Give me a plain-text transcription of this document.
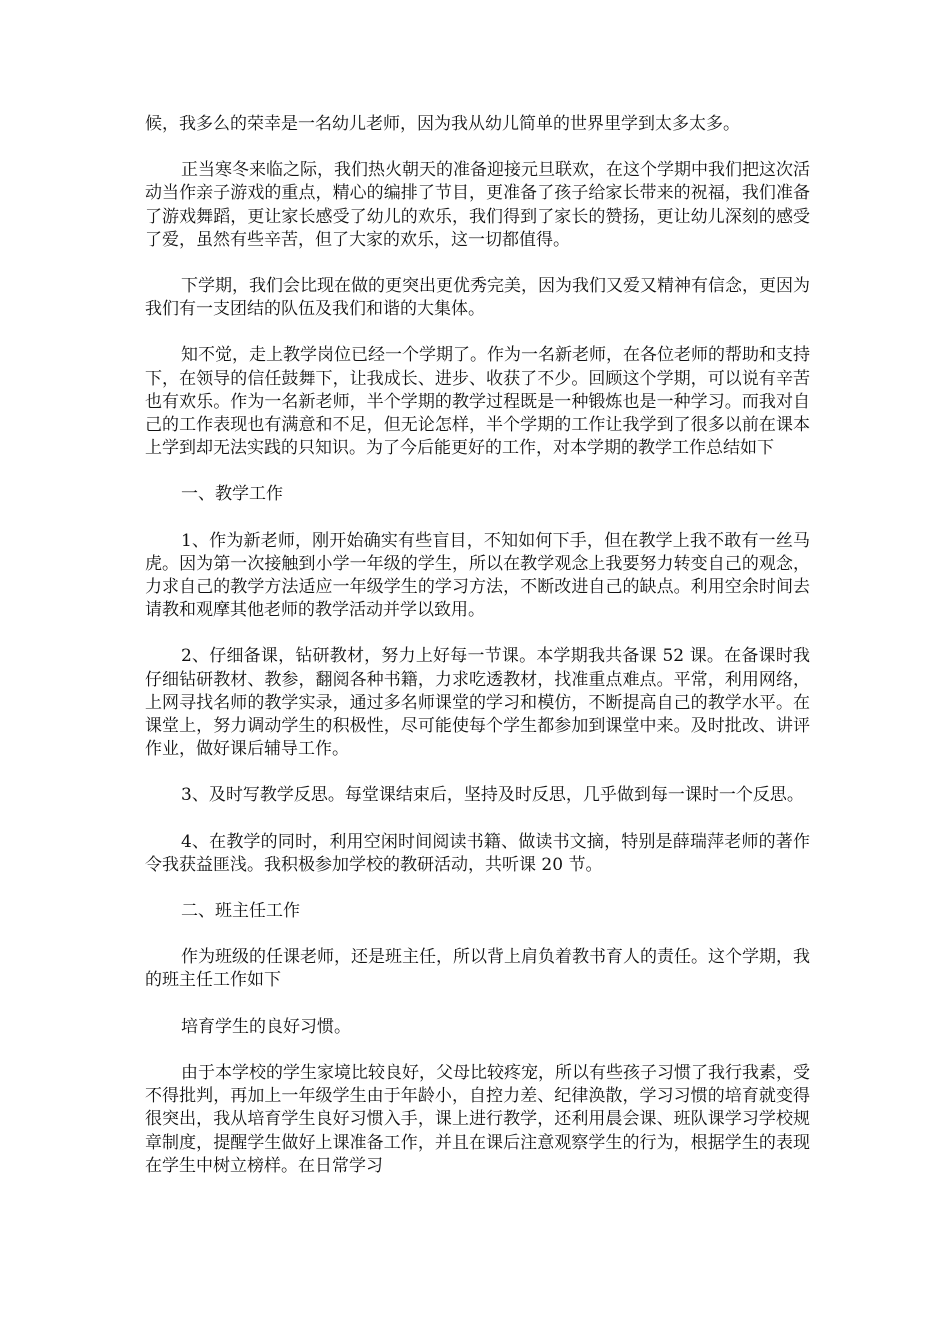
候，我多么的荣幸是一名幼儿老师，因为我从幼儿简单的世界里学到太多太多。

正当寒冬来临之际，我们热火朝天的准备迎接元旦联欢，在这个学期中我们把这次活动当作亲子游戏的重点，精心的编排了节目，更准备了孩子给家长带来的祝福，我们准备了游戏舞蹈，更让家长感受了幼儿的欢乐，我们得到了家长的赞扬，更让幼儿深刻的感受了爱，虽然有些辛苦，但了大家的欢乐，这一切都值得。

下学期，我们会比现在做的更突出更优秀完美，因为我们又爱又精神有信念，更因为我们有一支团结的队伍及我们和谐的大集体。

知不觉，走上教学岗位已经一个学期了。作为一名新老师，在各位老师的帮助和支持下，在领导的信任鼓舞下，让我成长、进步、收获了不少。回顾这个学期，可以说有辛苦也有欢乐。作为一名新老师，半个学期的教学过程既是一种锻炼也是一种学习。而我对自己的工作表现也有满意和不足，但无论怎样，半个学期的工作让我学到了很多以前在课本上学到却无法实践的只知识。为了今后能更好的工作，对本学期的教学工作总结如下

一、教学工作

1、作为新老师，刚开始确实有些盲目，不知如何下手，但在教学上我不敢有一丝马虎。因为第一次接触到小学一年级的学生，所以在教学观念上我要努力转变自己的观念，力求自己的教学方法适应一年级学生的学习方法，不断改进自己的缺点。利用空余时间去请教和观摩其他老师的教学活动并学以致用。

2、仔细备课，钻研教材，努力上好每一节课。本学期我共备课 52 课。在备课时我仔细钻研教材、教参，翻阅各种书籍，力求吃透教材，找准重点难点。平常，利用网络，上网寻找名师的教学实录，通过多名师课堂的学习和模仿，不断提高自己的教学水平。在课堂上，努力调动学生的积极性，尽可能使每个学生都参加到课堂中来。及时批改、讲评作业，做好课后辅导工作。

3、及时写教学反思。每堂课结束后，坚持及时反思，几乎做到每一课时一个反思。

4、在教学的同时，利用空闲时间阅读书籍、做读书文摘，特别是薛瑞萍老师的著作令我获益匪浅。我积极参加学校的教研活动，共听课 20 节。

二、班主任工作

作为班级的任课老师，还是班主任，所以背上肩负着教书育人的责任。这个学期，我的班主任工作如下

培育学生的良好习惯。

由于本学校的学生家境比较良好，父母比较疼宠，所以有些孩子习惯了我行我素，受不得批判，再加上一年级学生由于年龄小，自控力差、纪律涣散，学习习惯的培育就变得很突出，我从培育学生良好习惯入手，课上进行教学，还利用晨会课、班队课学习学校规章制度，提醒学生做好上课准备工作，并且在课后注意观察学生的行为，根据学生的表现在学生中树立榜样。在日常学习
